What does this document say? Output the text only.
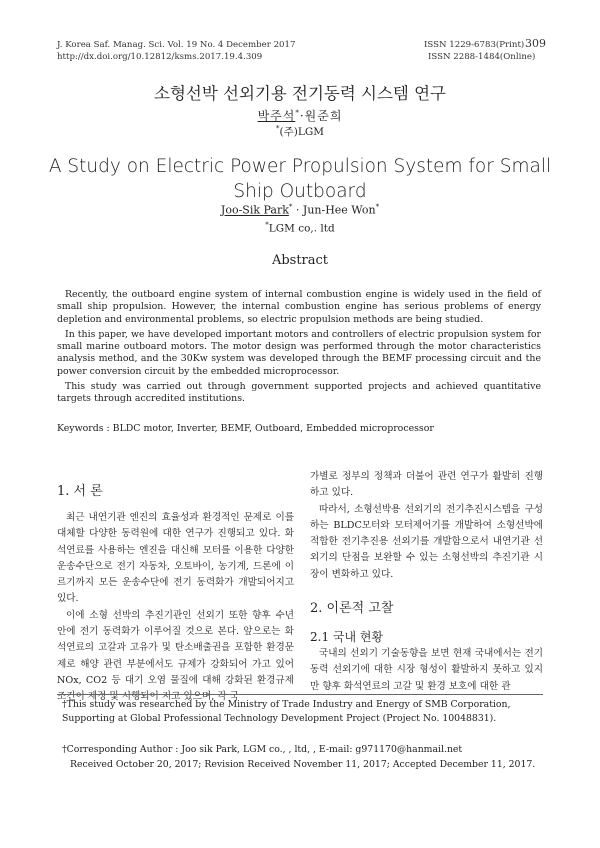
J. Korea Saf. Manag. Sci. Vol. 19 No. 4 December 2017
http://dx.doi.org/10.12812/ksms.2017.19.4.309
ISSN 1229-6783(Print) 309
ISSN 2288-1484(Online)
소형선박 선외기용 전기동력 시스템 연구
박주석*·원준희
*(주)LGM
A Study on Electric Power Propulsion System for Small Ship Outboard
Joo-Sik Park* · Jun-Hee Won*
*LGM co,. ltd
Abstract

Recently, the outboard engine system of internal combustion engine is widely used in the field of small ship propulsion. However, the internal combustion engine has serious problems of energy depletion and environmental problems, so electric propulsion methods are being studied.

In this paper, we have developed important motors and controllers of electric propulsion system for small marine outboard motors. The motor design was performed through the motor characteristics analysis method, and the 30Kw system was developed through the BEMF processing circuit and the power conversion circuit by the embedded microprocessor.

This study was carried out through government supported projects and achieved quantitative targets through accredited institutions.

Keywords : BLDC motor, Inverter, BEMF, Outboard, Embedded microprocessor
1. 서 론

최근 내연기관 엔진의 효율성과 환경적인 문제로 이를 대체할 다양한 동력원에 대한 연구가 진행되고 있다. 화석연료를 사용하는 엔진을 대신해 모터를 이용한 다양한 운송수단으로 전기 자동차, 오토바이, 농기계, 드론에 이르기까지 모든 운송수단에 전기 동력화가 개발되어지고 있다.

이에 소형 선박의 추진기관인 선외기 또한 향후 수년 안에 전기 동력화가 이루어질 것으로 본다. 앞으로는 화석연료의 고갈과 고유가 및 탄소배출권을 포함한 환경문제로 해양 관련 부분에서도 규제가 강화되어 가고 있어 NOx, CO2 등 대기 오염 물질에 대해 강화된 환경규제 조건이 제정 및 시행되어 지고 있으며, 각 국

가별로 정부의 정책과 더불어 관련 연구가 활발히 진행하고 있다.

따라서, 소형선박용 선외기의 전기추진시스템을 구성하는 BLDC모터와 모터제어기를 개발하여 소형선박에 적합한 전기추진용 선외기를 개발함으로서 내연기관 선외기의 단점을 보완할 수 있는 소형선박의 추진기관 시장이 변화하고 있다.

2. 이론적 고찰
2.1 국내 현황

국내의 선외기 기술동향을 보면 현재 국내에서는 전기 동력 선외기에 대한 시장 형성이 활발하지 못하고 있지만 향후 화석연료의 고갈 및 환경 보호에 대한 관

†This study was researched by the Ministry of Trade Industry and Energy of SMB Corporation, Supporting at Global Professional Technology Development Project (Project No. 10048831).
†Corresponding Author : Joo sik Park, LGM co., , ltd, , E-mail: g971170@hanmail.net
Received October 20, 2017; Revision Received November 11, 2017; Accepted December 11, 2017.
